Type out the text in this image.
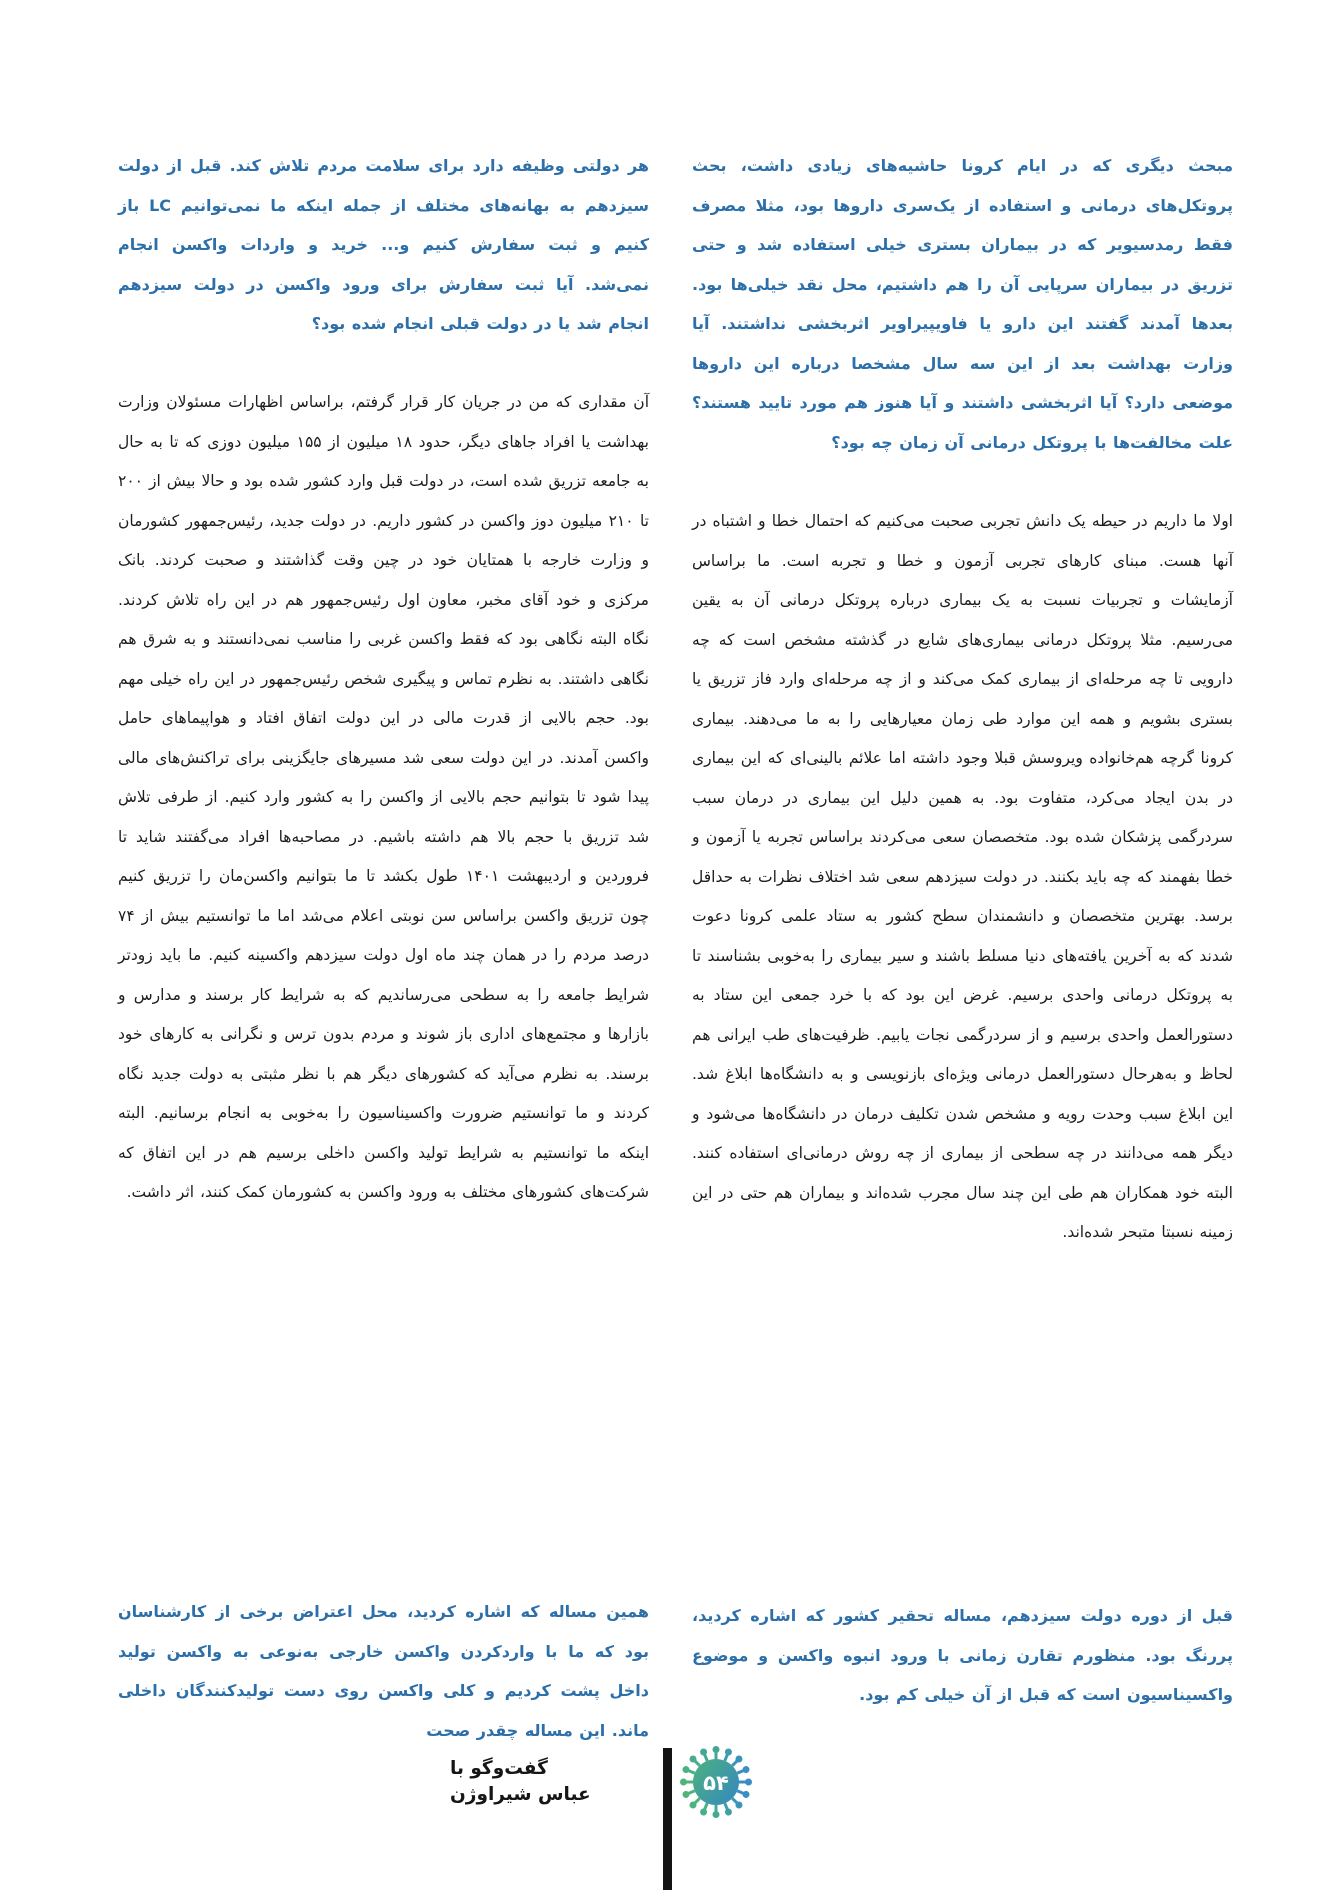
مبحث دیگری که در ایام کرونا حاشیه‌های زیادی داشت، بحث پروتکل‌های درمانی و استفاده از یک‌سری داروها بود، مثلا مصرف فقط رمدسیویر که در بیماران بستری خیلی استفاده شد و حتی تزریق در بیماران سرپایی آن را هم داشتیم، محل نقد خیلی‌ها بود. بعدها آمدند گفتند این دارو یا فاویپیراویر اثربخشی نداشتند. آیا وزارت بهداشت بعد از این سه سال مشخصا درباره این داروها موضعی دارد؟ آیا اثربخشی داشتند و آیا هنوز هم مورد تایید هستند؟ علت مخالفت‌ها با پروتکل درمانی آن زمان چه بود؟

اولا ما داریم در حیطه یک دانش تجربی صحبت می‌کنیم که احتمال خطا و اشتباه در آنها هست. مبنای کارهای تجربی آزمون و خطا و تجربه است. ما براساس آزمایشات و تجربیات نسبت به یک بیماری درباره پروتکل درمانی آن به یقین می‌رسیم. مثلا پروتکل درمانی بیماری‌های شایع در گذشته مشخص است که چه دارویی تا چه مرحله‌ای از بیماری کمک می‌کند و از چه مرحله‌ای وارد فاز تزریق یا بستری بشویم و همه این موارد طی زمان معیارهایی را به ما می‌دهند. بیماری کرونا گرچه هم‌خانواده ویروسش قبلا وجود داشته اما علائم بالینی‌ای که این بیماری در بدن ایجاد می‌کرد، متفاوت بود. به همین دلیل این بیماری در درمان سبب سردرگمی پزشکان شده بود. متخصصان سعی می‌کردند براساس تجربه یا آزمون و خطا بفهمند که چه باید بکنند. در دولت سیزدهم سعی شد اختلاف نظرات به حداقل برسد. بهترین متخصصان و دانشمندان سطح کشور به ستاد علمی کرونا دعوت شدند که به آخرین یافته‌های دنیا مسلط باشند و سیر بیماری را به‌خوبی بشناسند تا به پروتکل درمانی واحدی برسیم. غرض این بود که با خرد جمعی این ستاد به دستورالعمل واحدی برسیم و از سردرگمی نجات یابیم. ظرفیت‌های طب ایرانی هم لحاظ و به‌هرحال دستورالعمل درمانی ویژه‌ای بازنویسی و به دانشگاه‌ها ابلاغ شد. این ابلاغ سبب وحدت رویه و مشخص شدن تکلیف درمان در دانشگاه‌ها می‌شود و دیگر همه می‌دانند در چه سطحی از بیماری از چه روش درمانی‌ای استفاده کنند. البته خود همکاران هم طی این چند سال مجرب شده‌اند و بیماران هم حتی در این زمینه نسبتا متبحر شده‌اند.

قبل از دوره دولت سیزدهم، مساله تحقیر کشور که اشاره کردید، پررنگ بود. منظورم تقارن زمانی با ورود انبوه واکسن و موضوع واکسیناسیون است که قبل از آن خیلی کم بود.

هر دولتی وظیفه دارد برای سلامت مردم تلاش کند. قبل از دولت سیزدهم به بهانه‌های مختلف از جمله اینکه ما نمی‌توانیم LC باز کنیم و ثبت سفارش کنیم و... خرید و واردات واکسن انجام نمی‌شد. آیا ثبت سفارش برای ورود واکسن در دولت سیزدهم انجام شد یا در دولت قبلی انجام شده بود؟

آن مقداری که من در جریان کار قرار گرفتم، براساس اظهارات مسئولان وزارت بهداشت یا افراد جاهای دیگر، حدود ۱۸ میلیون از ۱۵۵ میلیون دوزی که تا به حال به جامعه تزریق شده است، در دولت قبل وارد کشور شده بود و حالا بیش از ۲۰۰ تا ۲۱۰ میلیون دوز واکسن در کشور داریم. در دولت جدید، رئیس‌جمهور کشورمان و وزارت خارجه با همتایان خود در چین وقت گذاشتند و صحبت کردند. بانک مرکزی و خود آقای مخبر، معاون اول رئیس‌جمهور هم در این راه تلاش کردند. نگاه البته نگاهی بود که فقط واکسن غربی را مناسب نمی‌دانستند و به شرق هم نگاهی داشتند. به نظرم تماس و پیگیری شخص رئیس‌جمهور در این راه خیلی مهم بود. حجم بالایی از قدرت مالی در این دولت اتفاق افتاد و هواپیماهای حامل واکسن آمدند. در این دولت سعی شد مسیرهای جایگزینی برای تراکنش‌های مالی پیدا شود تا بتوانیم حجم بالایی از واکسن را به کشور وارد کنیم. از طرفی تلاش شد تزریق با حجم بالا هم داشته باشیم. در مصاحبه‌ها افراد می‌گفتند شاید تا فروردین و اردیبهشت ۱۴۰۱ طول بکشد تا ما بتوانیم واکسن‌مان را تزریق کنیم چون تزریق واکسن براساس سن نوبتی اعلام می‌شد اما ما توانستیم بیش از ۷۴ درصد مردم را در همان چند ماه اول دولت سیزدهم واکسینه کنیم. ما باید زودتر شرایط جامعه را به سطحی می‌رساندیم که به شرایط کار برسند و مدارس و بازارها و مجتمع‌های اداری باز شوند و مردم بدون ترس و نگرانی به کارهای خود برسند. به نظرم می‌آید که کشورهای دیگر هم با نظر مثبتی به دولت جدید نگاه کردند و ما توانستیم ضرورت واکسیناسیون را به‌خوبی به انجام برسانیم. البته اینکه ما توانستیم به شرایط تولید واکسن داخلی برسیم هم در این اتفاق که شرکت‌های کشورهای مختلف به ورود واکسن به کشورمان کمک کنند، اثر داشت.

همین مساله که اشاره کردید، محل اعتراض برخی از کارشناسان بود که ما با واردکردن واکسن خارجی به‌نوعی به واکسن تولید داخل پشت کردیم و کلی واکسن روی دست تولیدکنندگان داخلی ماند. این مساله چقدر صحت

گفت‌وگو با
عباس شیراوژن	۵۴
